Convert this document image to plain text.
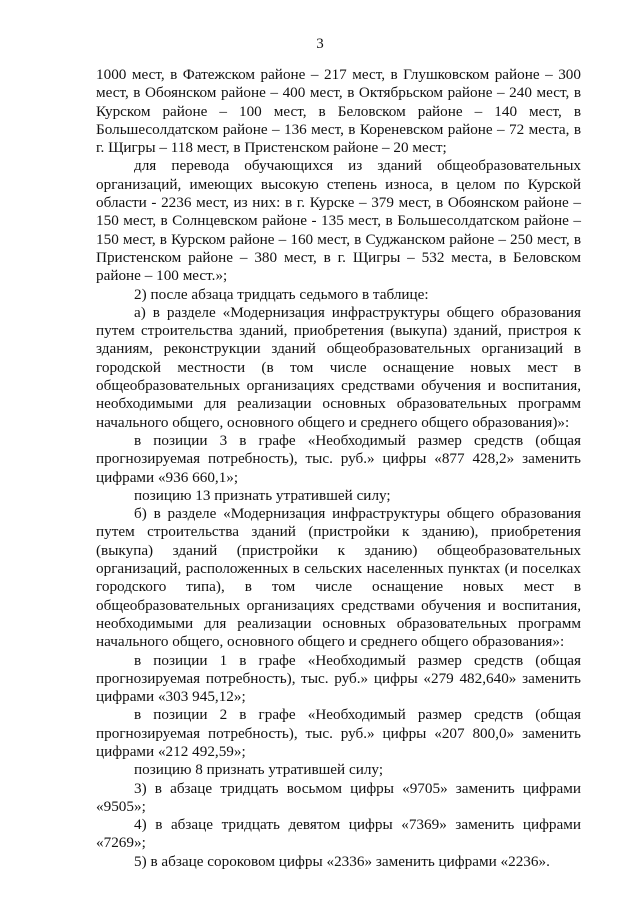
3

1000 мест, в Фатежском районе – 217 мест, в Глушковском районе – 300 мест, в Обоянском районе – 400 мест, в Октябрьском районе – 240 мест, в Курском районе – 100 мест, в Беловском районе – 140 мест, в Большесолдатском районе – 136 мест, в Кореневском районе – 72 места, в г. Щигры – 118 мест, в Пристенском районе – 20 мест;

для перевода обучающихся из зданий общеобразовательных организаций, имеющих высокую степень износа, в целом по Курской области - 2236 мест, из них: в г. Курске – 379 мест, в Обоянском районе – 150 мест, в Солнцевском районе - 135 мест, в Большесолдатском районе – 150 мест, в Курском районе – 160 мест, в Суджанском районе – 250 мест, в Пристенском районе – 380 мест, в г. Щигры – 532 места, в Беловском районе – 100 мест.»;

2) после абзаца тридцать седьмого в таблице:

а) в разделе «Модернизация инфраструктуры общего образования путем строительства зданий, приобретения (выкупа) зданий, пристроя к зданиям, реконструкции зданий общеобразовательных организаций в городской местности (в том числе оснащение новых мест в общеобразовательных организациях средствами обучения и воспитания, необходимыми для реализации основных образовательных программ начального общего, основного общего и среднего общего образования)»:

в позиции 3 в графе «Необходимый размер средств (общая прогнозируемая потребность), тыс. руб.» цифры «877 428,2» заменить цифрами «936 660,1»;

позицию 13 признать утратившей силу;

б) в разделе «Модернизация инфраструктуры общего образования путем строительства зданий (пристройки к зданию), приобретения (выкупа) зданий (пристройки к зданию) общеобразовательных организаций, расположенных в сельских населенных пунктах (и поселках городского типа), в том числе оснащение новых мест в общеобразовательных организациях средствами обучения и воспитания, необходимыми для реализации основных образовательных программ начального общего, основного общего и среднего общего образования»:

в позиции 1 в графе «Необходимый размер средств (общая прогнозируемая потребность), тыс. руб.» цифры «279 482,640» заменить цифрами «303 945,12»;

в позиции 2 в графе «Необходимый размер средств (общая прогнозируемая потребность), тыс. руб.» цифры «207 800,0» заменить цифрами «212 492,59»;

позицию 8 признать утратившей силу;

3) в абзаце тридцать восьмом цифры «9705» заменить цифрами «9505»;

4) в абзаце тридцать девятом цифры «7369» заменить цифрами «7269»;

5) в абзаце сороковом цифры «2336» заменить цифрами «2236».
